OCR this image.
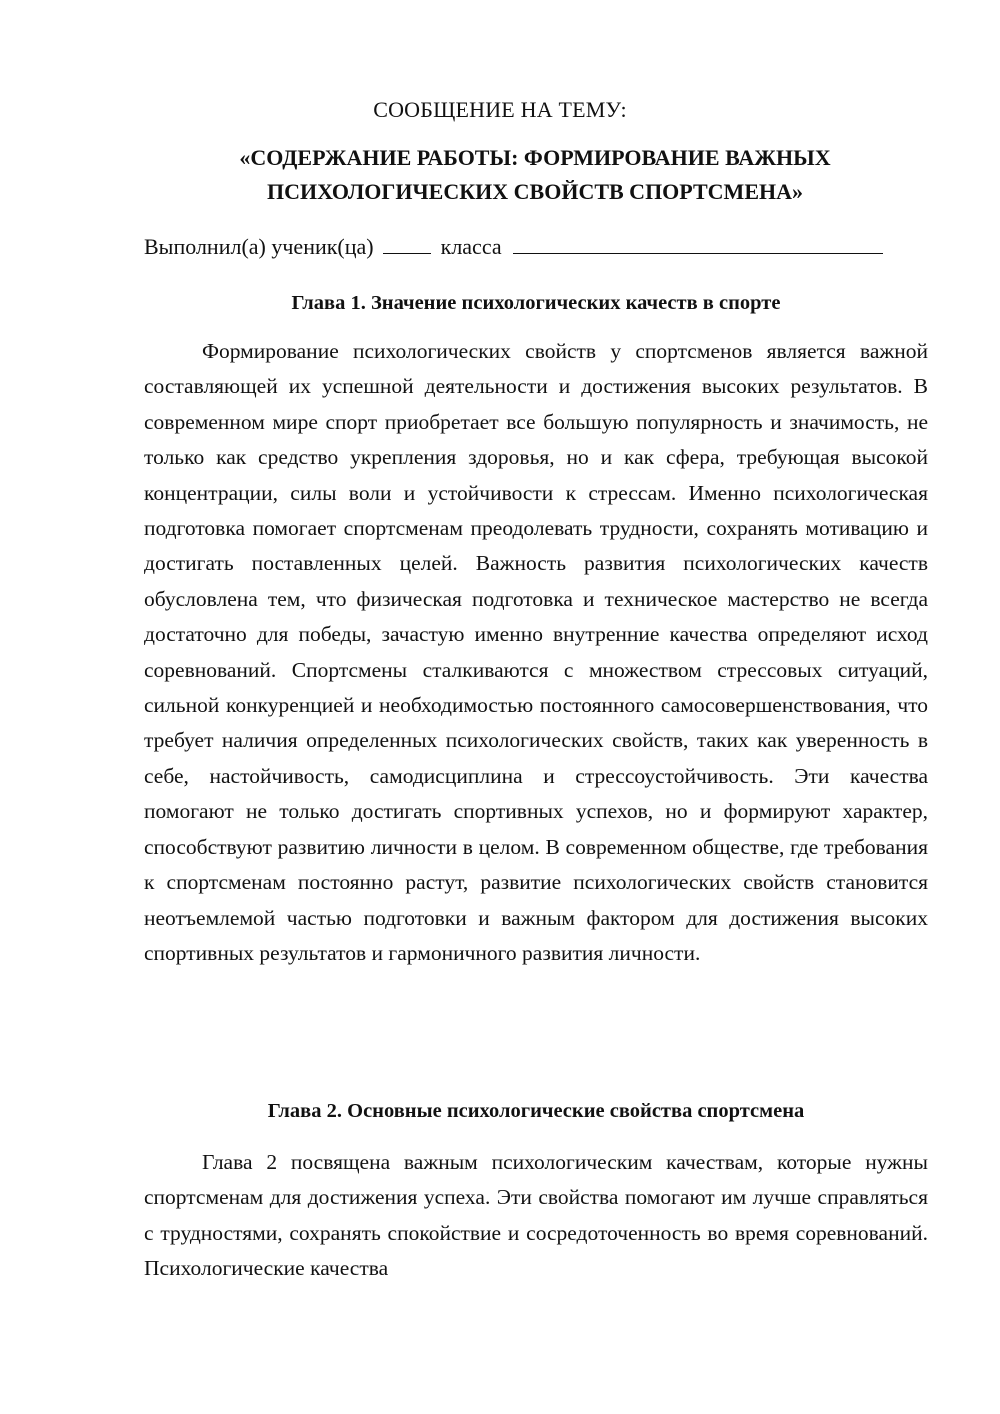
СООБЩЕНИЕ НА ТЕМУ:
«СОДЕРЖАНИЕ РАБОТЫ: ФОРМИРОВАНИЕ ВАЖНЫХ ПСИХОЛОГИЧЕСКИХ СВОЙСТВ СПОРТСМЕНА»
Выполнил(а) ученик(ца)	класса
Глава 1. Значение психологических качеств в спорте

Формирование психологических свойств у спортсменов является важной составляющей их успешной деятельности и достижения высоких результатов. В современном мире спорт приобретает все большую популярность и значимость, не только как средство укрепления здоровья, но и как сфера, требующая высокой концентрации, силы воли и устойчивости к стрессам. Именно психологическая подготовка помогает спортсменам преодолевать трудности, сохранять мотивацию и достигать поставленных целей. Важность развития психологических качеств обусловлена тем, что физическая подготовка и техническое мастерство не всегда достаточно для победы, зачастую именно внутренние качества определяют исход соревнований. Спортсмены сталкиваются с множеством стрессовых ситуаций, сильной конкуренцией и необходимостью постоянного самосовершенствования, что требует наличия определенных психологических свойств, таких как уверенность в себе, настойчивость, самодисциплина и стрессоустойчивость. Эти качества помогают не только достигать спортивных успехов, но и формируют характер, способствуют развитию личности в целом. В современном обществе, где требования к спортсменам постоянно растут, развитие психологических свойств становится неотъемлемой частью подготовки и важным фактором для достижения высоких спортивных результатов и гармоничного развития личности.

Глава 2. Основные психологические свойства спортсмена

Глава 2 посвящена важным психологическим качествам, которые нужны спортсменам для достижения успеха. Эти свойства помогают им лучше справляться с трудностями, сохранять спокойствие и сосредоточенность во время соревнований. Психологические качества
